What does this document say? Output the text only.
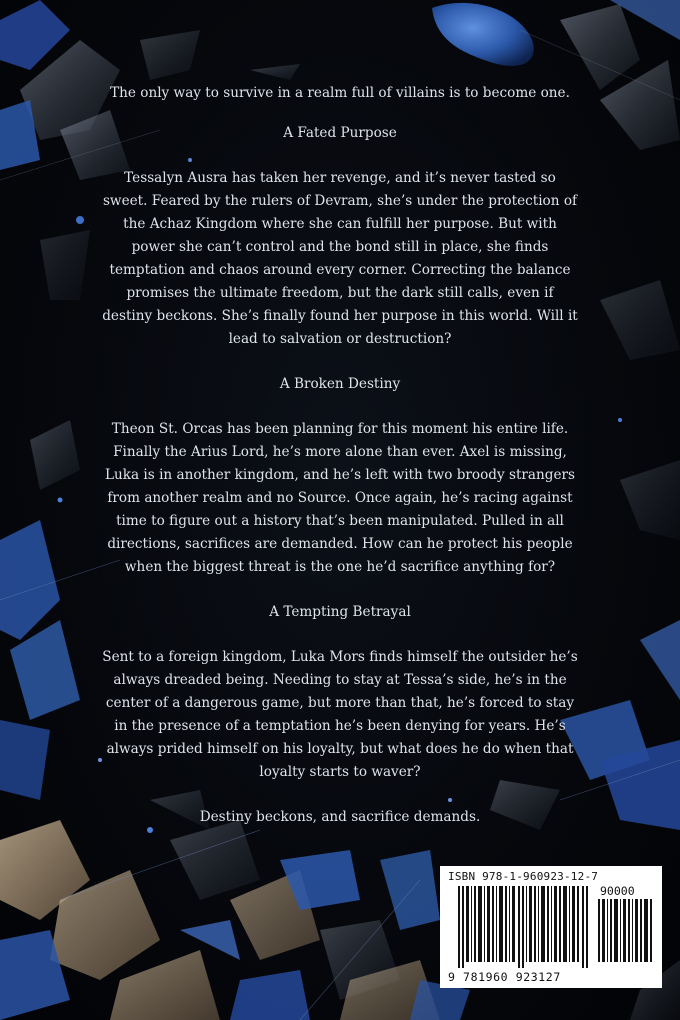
The only way to survive in a realm full of villains is to become one.

A Fated Purpose

Tessalyn Ausra has taken her revenge, and it’s never tasted so sweet. Feared by the rulers of Devram, she’s under the protection of the Achaz Kingdom where she can fulfill her purpose. But with power she can’t control and the bond still in place, she finds temptation and chaos around every corner. Correcting the balance promises the ultimate freedom, but the dark still calls, even if destiny beckons. She’s finally found her purpose in this world. Will it lead to salvation or destruction?

A Broken Destiny

Theon St. Orcas has been planning for this moment his entire life. Finally the Arius Lord, he’s more alone than ever. Axel is missing, Luka is in another kingdom, and he’s left with two broody strangers from another realm and no Source. Once again, he’s racing against time to figure out a history that’s been manipulated. Pulled in all directions, sacrifices are demanded. How can he protect his people when the biggest threat is the one he’d sacrifice anything for?

A Tempting Betrayal

Sent to a foreign kingdom, Luka Mors finds himself the outsider he’s always dreaded being. Needing to stay at Tessa’s side, he’s in the center of a dangerous game, but more than that, he’s forced to stay in the presence of a temptation he’s been denying for years. He’s always prided himself on his loyalty, but what does he do when that loyalty starts to waver?

Destiny beckons, and sacrifice demands.

ISBN 978-1-960923-12-7
90000
9 781960 923127
